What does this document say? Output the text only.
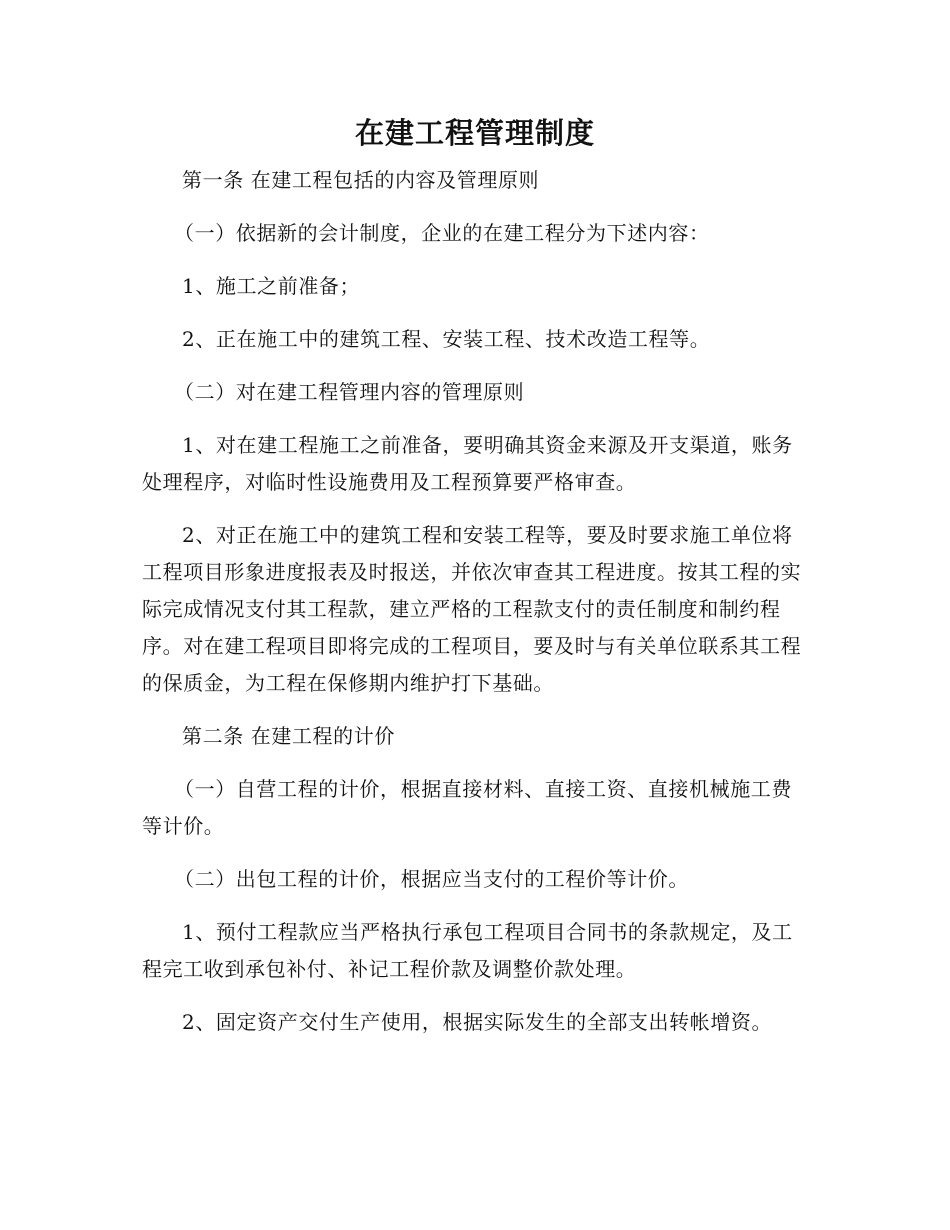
在建工程管理制度

第一条 在建工程包括的内容及管理原则

（一）依据新的会计制度，企业的在建工程分为下述内容：

1、施工之前准备；

2、正在施工中的建筑工程、安装工程、技术改造工程等。

（二）对在建工程管理内容的管理原则

1、对在建工程施工之前准备，要明确其资金来源及开支渠道，账务处理程序，对临时性设施费用及工程预算要严格审查。

2、对正在施工中的建筑工程和安装工程等，要及时要求施工单位将工程项目形象进度报表及时报送，并依次审查其工程进度。按其工程的实际完成情况支付其工程款，建立严格的工程款支付的责任制度和制约程序。对在建工程项目即将完成的工程项目，要及时与有关单位联系其工程的保质金，为工程在保修期内维护打下基础。

第二条 在建工程的计价

（一）自营工程的计价，根据直接材料、直接工资、直接机械施工费等计价。

（二）出包工程的计价，根据应当支付的工程价等计价。

1、预付工程款应当严格执行承包工程项目合同书的条款规定，及工程完工收到承包补付、补记工程价款及调整价款处理。

2、固定资产交付生产使用，根据实际发生的全部支出转帐增资。
